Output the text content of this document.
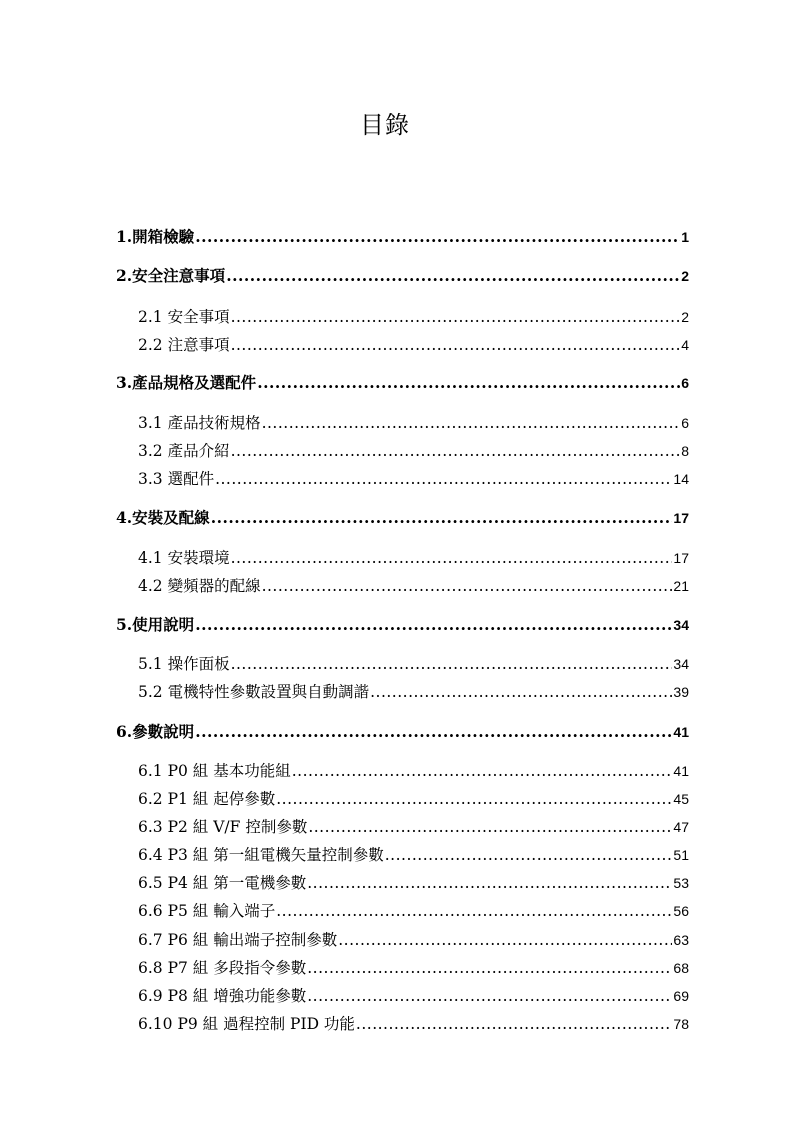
目錄
1.開箱檢驗 .....	1
2.安全注意事項 .....	2
2.1 安全事項 .....	2
2.2 注意事項 .....	4
3.產品規格及選配件 .....	6
3.1 產品技術規格 .....	6
3.2 產品介紹 .....	8
3.3 選配件 .....	14
4.安裝及配線 .....	17
4.1 安裝環境 .....	17
4.2 變頻器的配線 .....	21
5.使用說明 .....	34
5.1 操作面板 .....	34
5.2 電機特性參數設置與自動調諧 .....	39
6.參數說明 .....	41
6.1 P0 組 基本功能組 .....	41
6.2 P1 組 起停參數 .....	45
6.3 P2 組 V/F 控制參數 .....	47
6.4 P3 組 第一組電機矢量控制參數 .....	51
6.5 P4 組 第一電機參數 .....	53
6.6 P5 組 輸入端子 .....	56
6.7 P6 組 輸出端子控制參數 .....	63
6.8 P7 組 多段指令參數 .....	68
6.9 P8 組 增強功能參數 .....	69
6.10 P9 組 過程控制 PID 功能 .....	78
